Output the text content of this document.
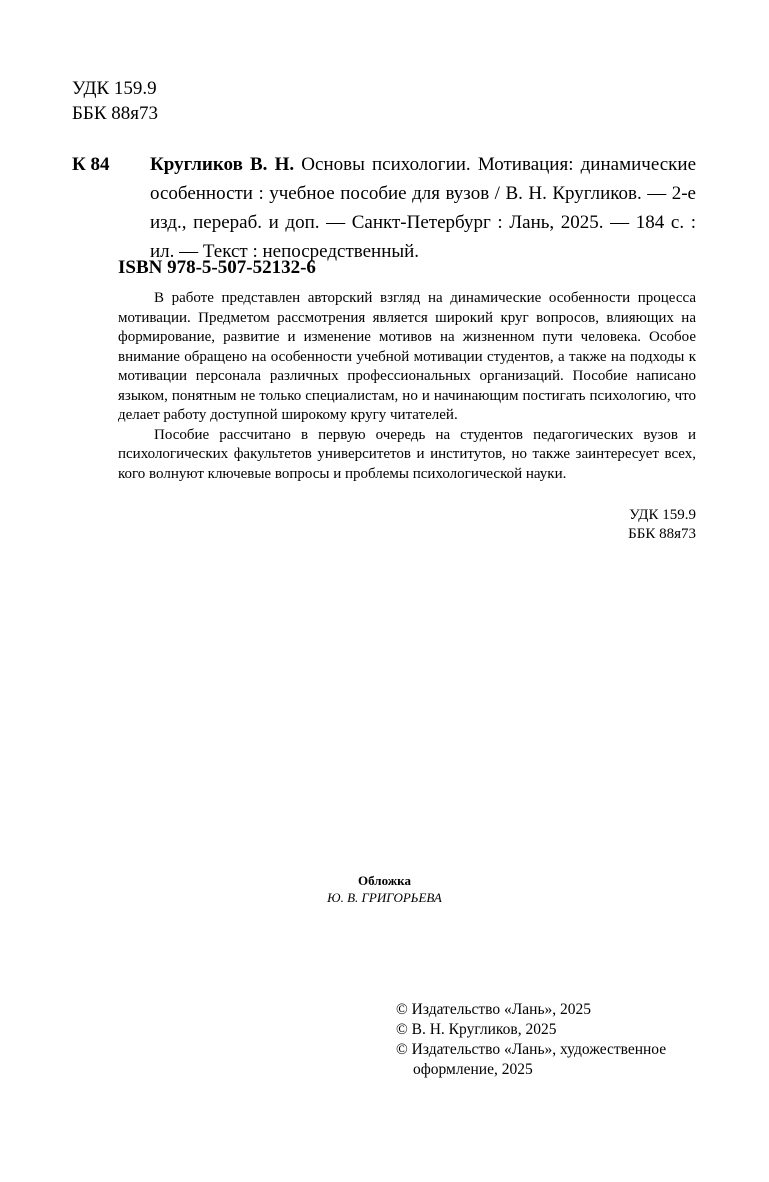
УДК 159.9
ББК 88я73
К 84 Кругликов В. Н. Основы психологии. Мотивация: динамические особенности : учебное пособие для вузов / В. Н. Кругликов. — 2-е изд., перераб. и доп. — Санкт-Петербург : Лань, 2025. — 184 с. : ил. — Текст : непосредственный.
ISBN 978-5-507-52132-6

В работе представлен авторский взгляд на динамические особенности процесса мотивации. Предметом рассмотрения является широкий круг вопросов, влияющих на формирование, развитие и изменение мотивов на жизненном пути человека. Особое внимание обращено на особенности учебной мотивации студентов, а также на подходы к мотивации персонала различных профессиональных организаций. Пособие написано языком, понятным не только специалистам, но и начинающим постигать психологию, что делает работу доступной широкому кругу читателей.

Пособие рассчитано в первую очередь на студентов педагогических вузов и психологических факультетов университетов и институтов, но также заинтересует всех, кого волнуют ключевые вопросы и проблемы психологической науки.

УДК 159.9
ББК 88я73
Обложка
Ю. В. ГРИГОРЬЕВА
© Издательство «Лань», 2025
© В. Н. Кругликов, 2025
© Издательство «Лань», художественное
оформление, 2025
